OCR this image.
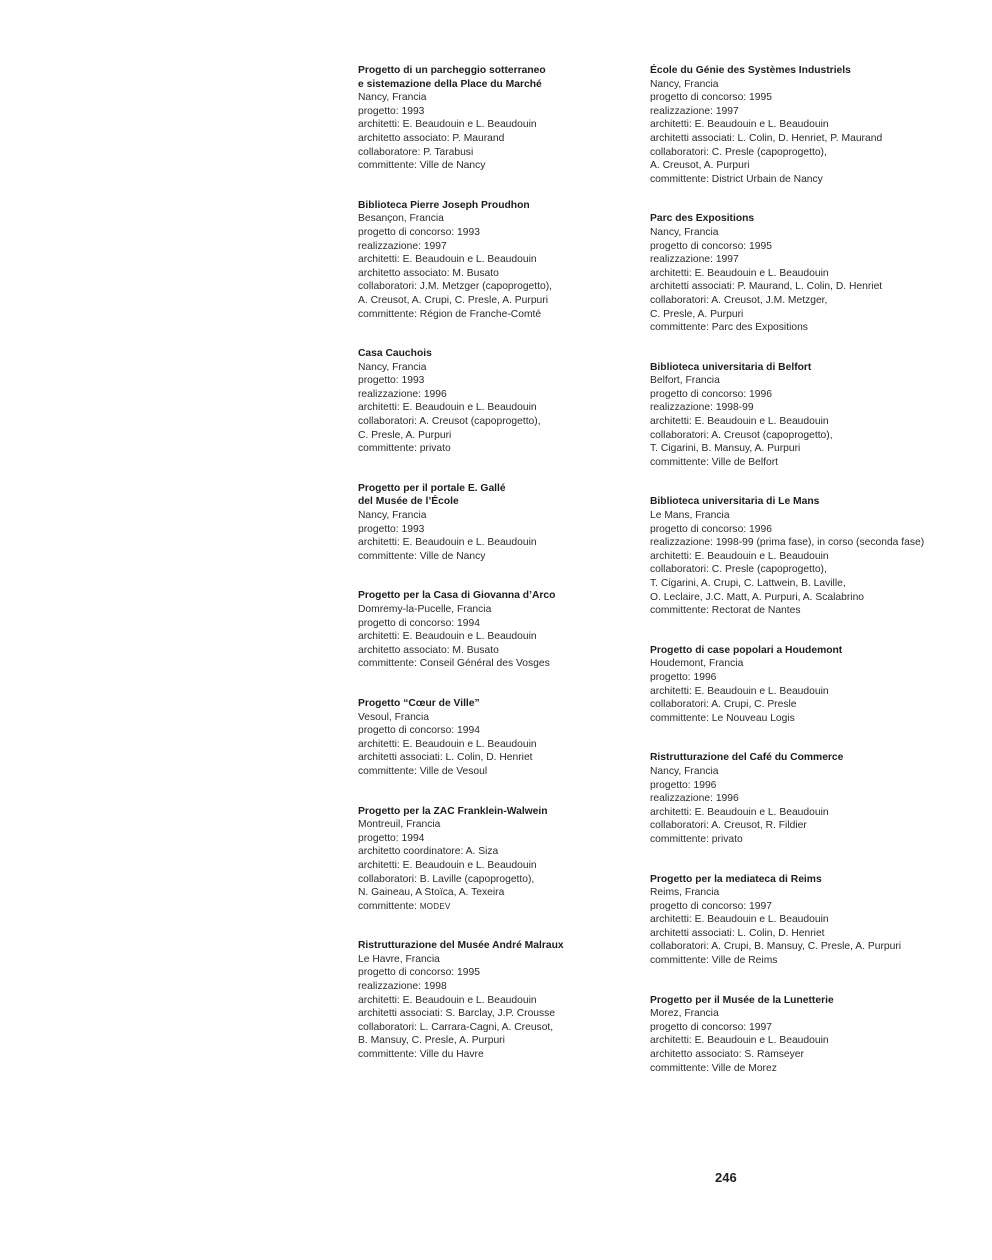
Progetto di un parcheggio sotterraneo

e sistemazione della Place du Marché

Nancy, Francia

progetto: 1993

architetti: E. Beaudouin e L. Beaudouin

architetto associato: P. Maurand

collaboratore: P. Tarabusi

committente: Ville de Nancy

Biblioteca Pierre Joseph Proudhon

Besançon, Francia

progetto di concorso: 1993

realizzazione: 1997

architetti: E. Beaudouin e L. Beaudouin

architetto associato: M. Busato

collaboratori: J.M. Metzger (capoprogetto),

A. Creusot, A. Crupi, C. Presle, A. Purpuri

committente: Région de Franche-Comté

Casa Cauchois

Nancy, Francia

progetto: 1993

realizzazione: 1996

architetti: E. Beaudouin e L. Beaudouin

collaboratori: A. Creusot (capoprogetto),

C. Presle, A. Purpuri

committente: privato

Progetto per il portale E. Gallé

del Musée de l’École

Nancy, Francia

progetto: 1993

architetti: E. Beaudouin e L. Beaudouin

committente: Ville de Nancy

Progetto per la Casa di Giovanna d’Arco

Domremy-la-Pucelle, Francia

progetto di concorso: 1994

architetti: E. Beaudouin e L. Beaudouin

architetto associato: M. Busato

committente: Conseil Général des Vosges

Progetto “Cœur de Ville”

Vesoul, Francia

progetto di concorso: 1994

architetti: E. Beaudouin e L. Beaudouin

architetti associati: L. Colin, D. Henriet

committente: Ville de Vesoul

Progetto per la ZAC Franklein-Walwein

Montreuil, Francia

progetto: 1994

architetto coordinatore: A. Siza

architetti: E. Beaudouin e L. Beaudouin

collaboratori: B. Laville (capoprogetto),

N. Gaineau, A Stoïca, A. Texeira

committente: MODEV

Ristrutturazione del Musée André Malraux

Le Havre, Francia

progetto di concorso: 1995

realizzazione: 1998

architetti: E. Beaudouin e L. Beaudouin

architetti associati: S. Barclay, J.P. Crousse

collaboratori: L. Carrara-Cagni, A. Creusot,

B. Mansuy, C. Presle, A. Purpuri

committente: Ville du Havre

École du Génie des Systèmes Industriels

Nancy, Francia

progetto di concorso: 1995

realizzazione: 1997

architetti: E. Beaudouin e L. Beaudouin

architetti associati: L. Colin, D. Henriet, P. Maurand

collaboratori: C. Presle (capoprogetto),

A. Creusot, A. Purpuri

committente: District Urbain de Nancy

Parc des Expositions

Nancy, Francia

progetto di concorso: 1995

realizzazione: 1997

architetti: E. Beaudouin e L. Beaudouin

architetti associati: P. Maurand, L. Colin, D. Henriet

collaboratori: A. Creusot, J.M. Metzger,

C. Presle, A. Purpuri

committente: Parc des Expositions

Biblioteca universitaria di Belfort

Belfort, Francia

progetto di concorso: 1996

realizzazione: 1998-99

architetti: E. Beaudouin e L. Beaudouin

collaboratori: A. Creusot (capoprogetto),

T. Cigarini, B. Mansuy, A. Purpuri

committente: Ville de Belfort

Biblioteca universitaria di Le Mans

Le Mans, Francia

progetto di concorso: 1996

realizzazione: 1998-99 (prima fase), in corso (seconda fase)

architetti: E. Beaudouin e L. Beaudouin

collaboratori: C. Presle (capoprogetto),

T. Cigarini, A. Crupi, C. Lattwein, B. Laville,

O. Leclaire, J.C. Matt, A. Purpuri, A. Scalabrino

committente: Rectorat de Nantes

Progetto di case popolari a Houdemont

Houdemont, Francia

progetto: 1996

architetti: E. Beaudouin e L. Beaudouin

collaboratori: A. Crupi, C. Presle

committente: Le Nouveau Logis

Ristrutturazione del Café du Commerce

Nancy, Francia

progetto: 1996

realizzazione: 1996

architetti: E. Beaudouin e L. Beaudouin

collaboratori: A. Creusot, R. Fildier

committente: privato

Progetto per la mediateca di Reims

Reims, Francia

progetto di concorso: 1997

architetti: E. Beaudouin e L. Beaudouin

architetti associati: L. Colin, D. Henriet

collaboratori: A. Crupi, B. Mansuy, C. Presle, A. Purpuri

committente: Ville de Reims

Progetto per il Musée de la Lunetterie

Morez, Francia

progetto di concorso: 1997

architetti: E. Beaudouin e L. Beaudouin

architetto associato: S. Ramseyer

committente: Ville de Morez

246
